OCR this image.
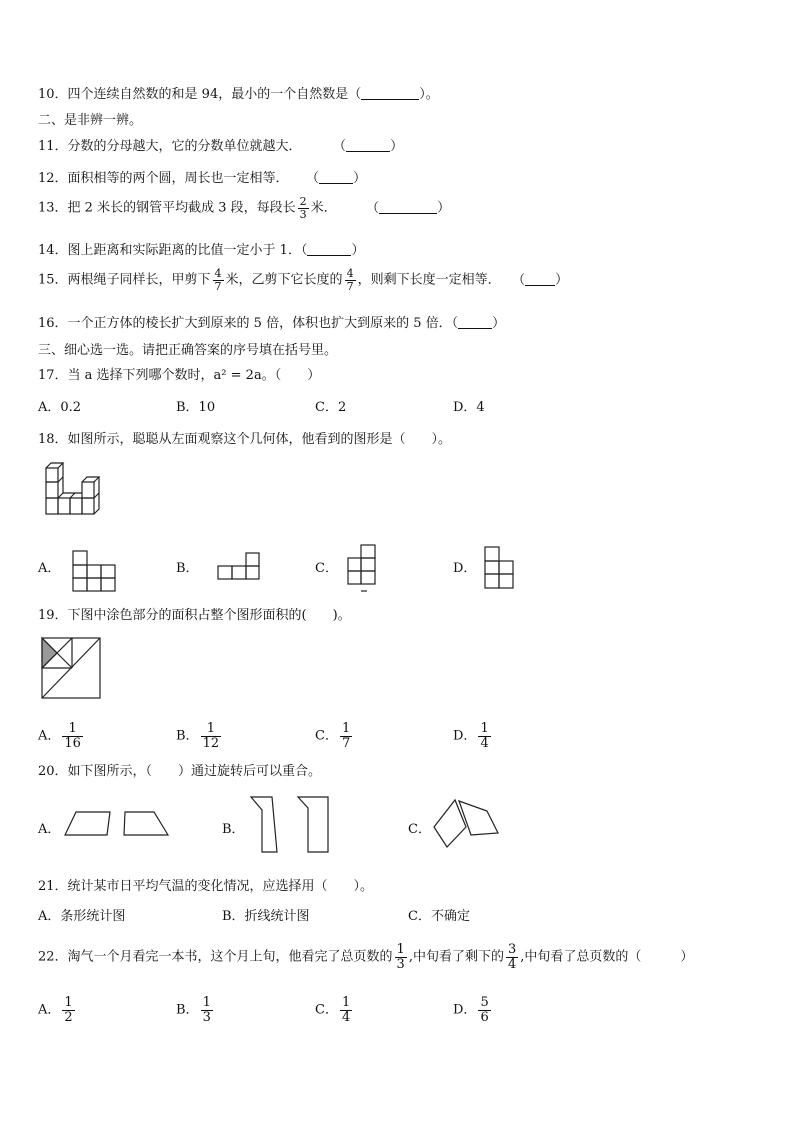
10．四个连续自然数的和是 94，最小的一个自然数是（	）。
二、是非辨一辨。
11．分数的分母越大，它的分数单位就越大．	（	）
12．面积相等的两个圆，周长也一定相等． （	）
13．把 2 米长的钢管平均截成 3 段，每段长 $\frac{2}{3}$ 米．	（	）
14．图上距离和实际距离的比值一定小于 1．（	）
15．两根绳子同样长，甲剪下 $\frac{4}{7}$ 米，乙剪下它长度的 $\frac{4}{7}$ ，则剩下长度一定相等． （ ）
16．一个正方体的棱长扩大到原来的 5 倍，体积也扩大到原来的 5 倍．（	）
三、细心选一选。请把正确答案的序号填在括号里。
17．当 a 选择下列哪个数时，a² = 2a。（　　）
A．0.2	B．10	C．2	D．4
18．如图所示，聪聪从左面观察这个几何体，他看到的图形是（　　）。
A．	B．	C．	D．
19．下图中涂色部分的面积占整个图形面积的(　　)。
A． $\frac{1}{16}$	B． $\frac{1}{12}$	C． $\frac{1}{7}$	D． $\frac{1}{4}$
20．如下图所示，（　　）通过旋转后可以重合。
A．	B．	C．
21．统计某市日平均气温的变化情况，应选择用（　　）。
A．条形统计图	B．折线统计图	C．不确定
22．淘气一个月看完一本书，这个月上旬，他看完了总页数的 $\frac{1}{3}$ ,中旬看了剩下的 $\frac{3}{4}$ ,中旬看了总页数的（　　　）
A． $\frac{1}{2}$	B． $\frac{1}{3}$	C． $\frac{1}{4}$	D． $\frac{5}{6}$
